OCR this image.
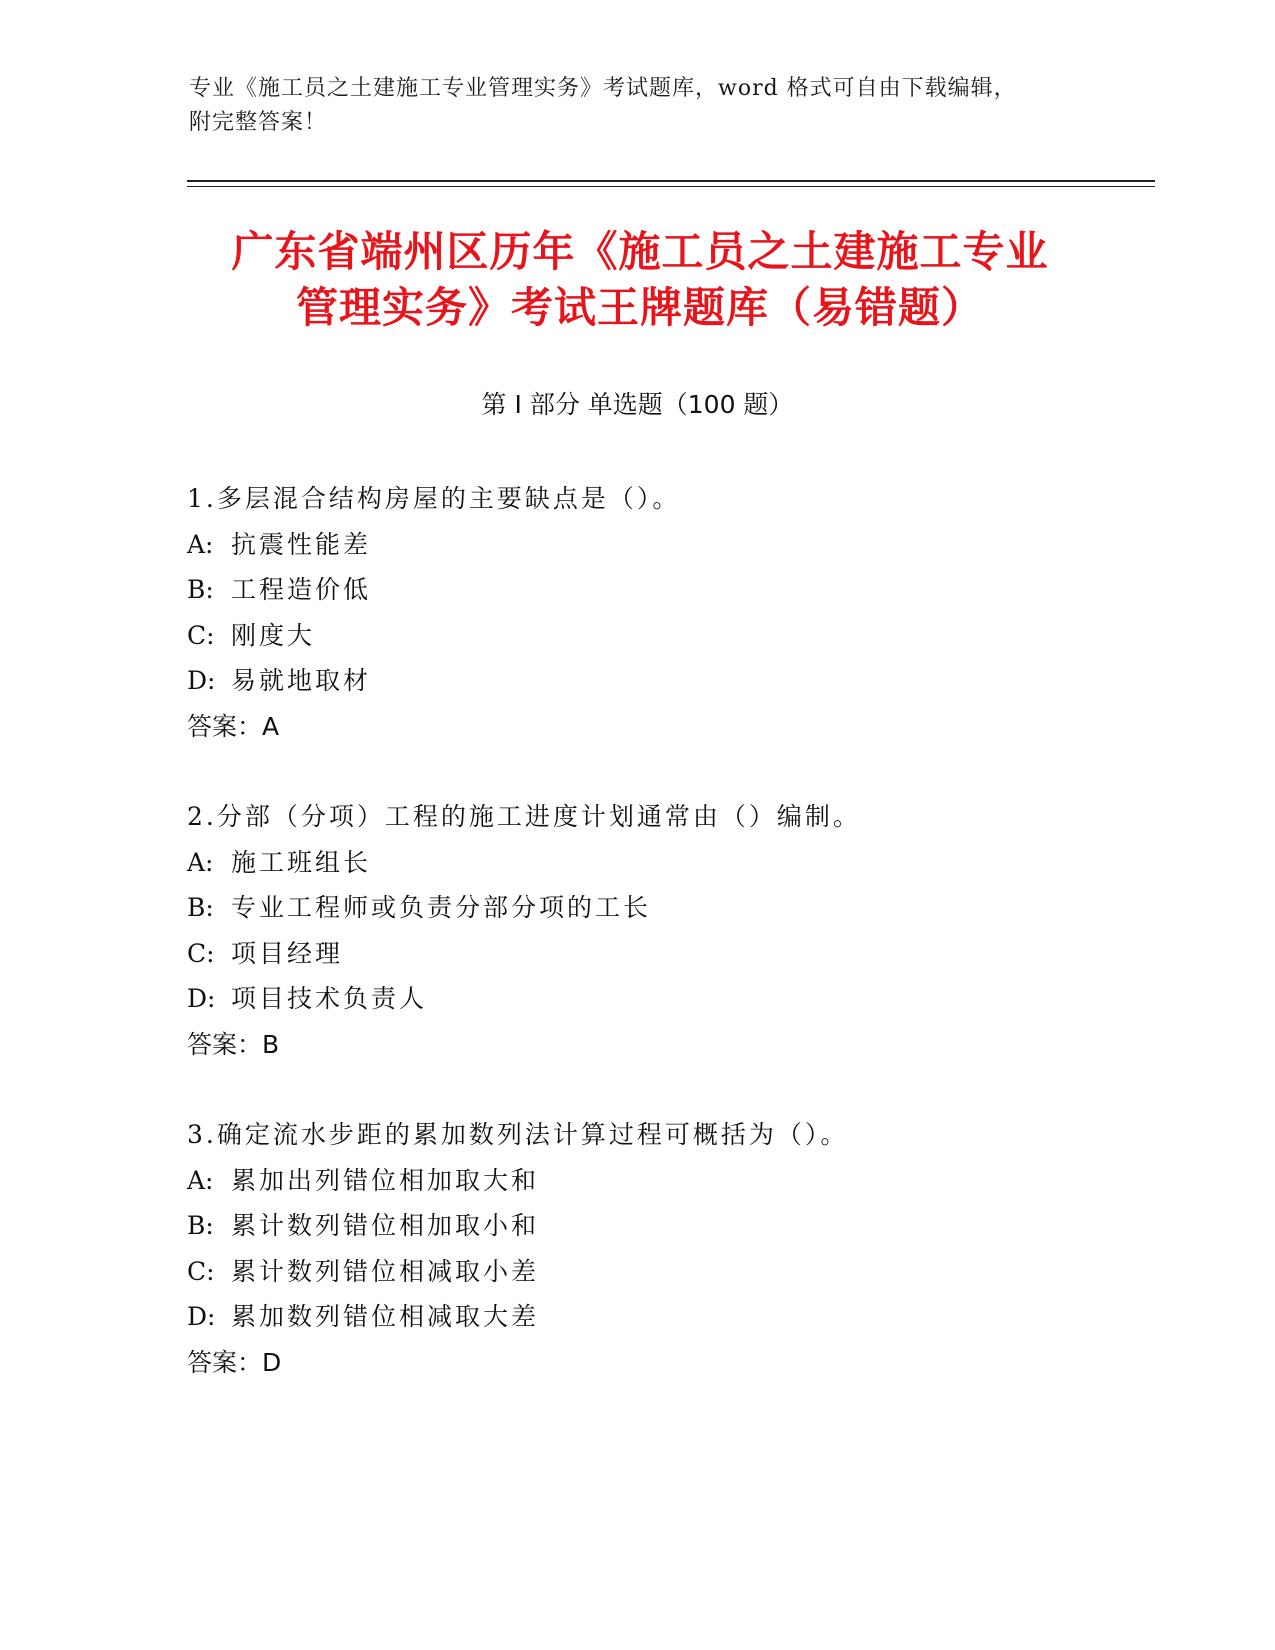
专业《施工员之土建施工专业管理实务》考试题库，word 格式可自由下载编辑，
附完整答案！
广东省端州区历年《施工员之土建施工专业
管理实务》考试王牌题库（易错题）
第 I 部分 单选题（100 题）
1.多层混合结构房屋的主要缺点是（）。
A: 抗震性能差
B: 工程造价低
C: 刚度大
D: 易就地取材
答案：A
2.分部（分项）工程的施工进度计划通常由（）编制。
A: 施工班组长
B: 专业工程师或负责分部分项的工长
C: 项目经理
D: 项目技术负责人
答案：B
3.确定流水步距的累加数列法计算过程可概括为（）。
A: 累加出列错位相加取大和
B: 累计数列错位相加取小和
C: 累计数列错位相减取小差
D: 累加数列错位相减取大差
答案：D
